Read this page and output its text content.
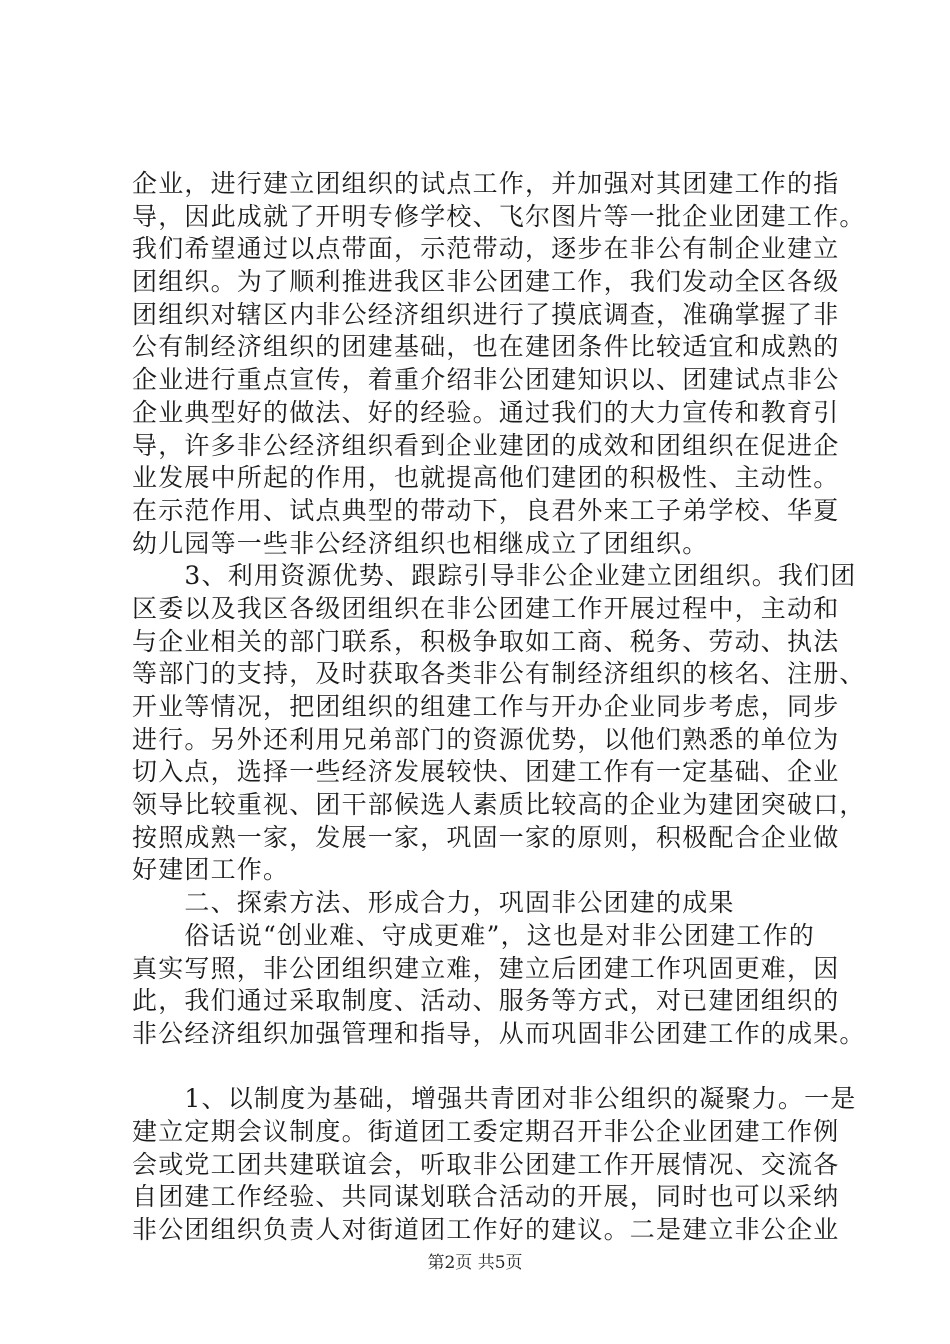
企业，进行建立团组织的试点工作，并加强对其团建工作的指
导，因此成就了开明专修学校、飞尔图片等一批企业团建工作。
我们希望通过以点带面，示范带动，逐步在非公有制企业建立
团组织。为了顺利推进我区非公团建工作，我们发动全区各级
团组织对辖区内非公经济组织进行了摸底调查，准确掌握了非
公有制经济组织的团建基础，也在建团条件比较适宜和成熟的
企业进行重点宣传，着重介绍非公团建知识以、团建试点非公
企业典型好的做法、好的经验。通过我们的大力宣传和教育引
导，许多非公经济组织看到企业建团的成效和团组织在促进企
业发展中所起的作用，也就提高他们建团的积极性、主动性。
在示范作用、试点典型的带动下，良君外来工子弟学校、华夏
幼儿园等一些非公经济组织也相继成立了团组织。
　　3、利用资源优势、跟踪引导非公企业建立团组织。我们团
区委以及我区各级团组织在非公团建工作开展过程中，主动和
与企业相关的部门联系，积极争取如工商、税务、劳动、执法
等部门的支持，及时获取各类非公有制经济组织的核名、注册、
开业等情况，把团组织的组建工作与开办企业同步考虑，同步
进行。另外还利用兄弟部门的资源优势，以他们熟悉的单位为
切入点，选择一些经济发展较快、团建工作有一定基础、企业
领导比较重视、团干部候选人素质比较高的企业为建团突破口，
按照成熟一家，发展一家，巩固一家的原则，积极配合企业做
好建团工作。
　　二、探索方法、形成合力，巩固非公团建的成果
　　俗话说“创业难、守成更难”，这也是对非公团建工作的
真实写照，非公团组织建立难，建立后团建工作巩固更难，因
此，我们通过采取制度、活动、服务等方式，对已建团组织的
非公经济组织加强管理和指导，从而巩固非公团建工作的成果。
　　1、以制度为基础，增强共青团对非公组织的凝聚力。一是
建立定期会议制度。街道团工委定期召开非公企业团建工作例
会或党工团共建联谊会，听取非公团建工作开展情况、交流各
自团建工作经验、共同谋划联合活动的开展，同时也可以采纳
非公团组织负责人对街道团工作好的建议。二是建立非公企业
第2页 共5页
